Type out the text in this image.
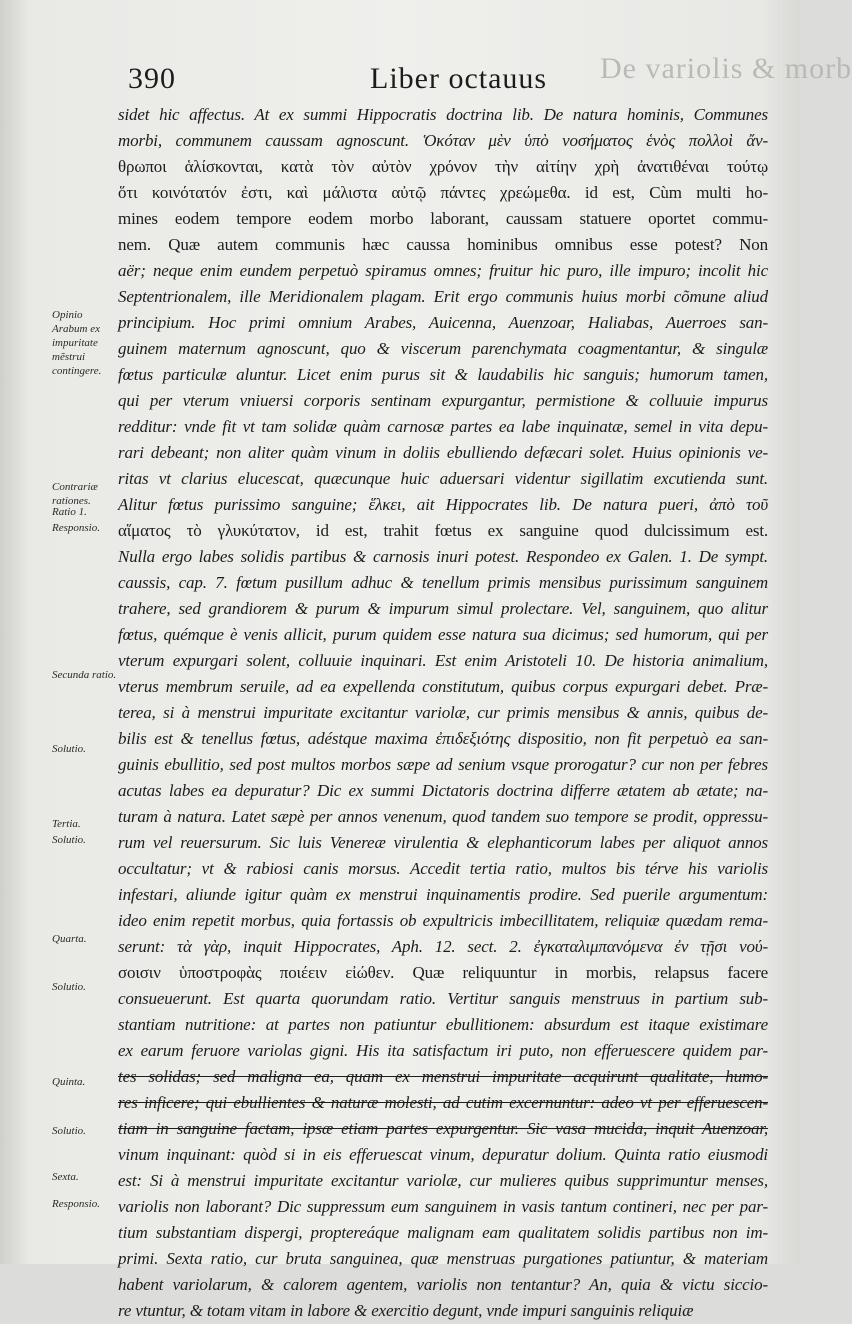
De variolis & morb
390	Liber octauus
sidet hic affectus. At ex summi Hippocratis doctrina lib. De natura hominis, Communes
morbi, communem caussam agnoscunt. Ὁκόταν μὲν ὑπὸ νοσήματος ἑνὸς πολλοὶ ἄν-
θρωποι ἁλίσκονται, κατὰ τὸν αὐτὸν χρόνον τὴν αἰτίην χρὴ ἀνατιθέναι τούτῳ
ὅτι κοινότατόν ἐστι, καὶ μάλιστα αὐτῷ πάντες χρεώμεθα. id est, Cùm multi ho-
mines eodem tempore eodem morbo laborant, caussam statuere oportet commu-
nem. Quæ autem communis hæc caussa hominibus omnibus esse potest? Non
aër; neque enim eundem perpetuò spiramus omnes; fruitur hic puro, ille impuro; incolit hic
Septentrionalem, ille Meridionalem plagam. Erit ergo communis huius morbi cõmune aliud
principium. Hoc primi omnium Arabes, Auicenna, Auenzoar, Haliabas, Auerroes san-
guinem maternum agnoscunt, quo & viscerum parenchymata coagmentantur, & singulæ
fœtus particulæ aluntur. Licet enim purus sit & laudabilis hic sanguis; humorum tamen,
qui per vterum vniuersi corporis sentinam expurgantur, permistione & colluuie impurus
redditur: vnde fit vt tam solidæ quàm carnosæ partes ea labe inquinatæ, semel in vita depu-
rari debeant; non aliter quàm vinum in doliis ebulliendo defæcari solet. Huius opinionis ve-
ritas vt clarius elucescat, quæcunque huic aduersari videntur sigillatim excutienda sunt.
Alitur fœtus purissimo sanguine; ἕλκει, ait Hippocrates lib. De natura pueri, ἀπὸ τοῦ
αἵματος τὸ γλυκύτατον, id est, trahit fœtus ex sanguine quod dulcissimum est.
Nulla ergo labes solidis partibus & carnosis inuri potest. Respondeo ex Galen. 1. De sympt.
caussis, cap. 7. fœtum pusillum adhuc & tenellum primis mensibus purissimum sanguinem
trahere, sed grandiorem & purum & impurum simul prolectare. Vel, sanguinem, quo alitur
fœtus, quémque è venis allicit, purum quidem esse natura sua dicimus; sed humorum, qui per
vterum expurgari solent, colluuie inquinari. Est enim Aristoteli 10. De historia animalium,
vterus membrum seruile, ad ea expellenda constitutum, quibus corpus expurgari debet. Præ-
terea, si à menstrui impuritate excitantur variolæ, cur primis mensibus & annis, quibus de-
bilis est & tenellus fœtus, adéstque maxima ἐπιδεξιότης dispositio, non fit perpetuò ea san-
guinis ebullitio, sed post multos morbos sæpe ad senium vsque prorogatur? cur non per febres
acutas labes ea depuratur? Dic ex summi Dictatoris doctrina differre ætatem ab ætate; na-
turam à natura. Latet sæpè per annos venenum, quod tandem suo tempore se prodit, oppressu-
rum vel reuersurum. Sic luis Venereæ virulentia & elephanticorum labes per aliquot annos
occultatur; vt & rabiosi canis morsus. Accedit tertia ratio, multos bis térve his variolis
infestari, aliunde igitur quàm ex menstrui inquinamentis prodire. Sed puerile argumentum:
ideo enim repetit morbus, quia fortassis ob expultricis imbecillitatem, reliquiæ quædam rema-
serunt: τὰ γὰρ, inquit Hippocrates, Aph. 12. sect. 2. ἐγκαταλιμπανόμενα ἐν τῇσι νού-
σοισιν ὑποστροφὰς ποιέειν εἰώθεν. Quæ reliquuntur in morbis, relapsus facere
consueuerunt. Est quarta quorundam ratio. Vertitur sanguis menstruus in partium sub-
stantiam nutritione: at partes non patiuntur ebullitionem: absurdum est itaque existimare
ex earum feruore variolas gigni. His ita satisfactum iri puto, non efferuescere quidem par-
tes solidas; sed maligna ea, quam ex menstrui impuritate acquirunt qualitate, humo-
res inficere; qui ebullientes & naturæ molesti, ad cutim excernuntur: adeo vt per efferuescen-
tiam in sanguine factam, ipsæ etiam partes expurgentur. Sic vasa mucida, inquit Auenzoar,
vinum inquinant: quòd si in eis efferuescat vinum, depuratur dolium. Quinta ratio eiusmodi
est: Si à menstrui impuritate excitantur variolæ, cur mulieres quibus supprimuntur menses,
variolis non laborant? Dic suppressum eum sanguinem in vasis tantum contineri, nec per par-
tium substantiam dispergi, proptereáque malignam eam qualitatem solidis partibus non im-
primi. Sexta ratio, cur bruta sanguinea, quæ menstruas purgationes patiuntur, & materiam
habent variolarum, & calorem agentem, variolis non tentantur? An, quia & victu siccio-
re vtuntur, & totam vitam in labore & exercitio degunt, vnde impuri sanguinis reliquiæ
Opinio Arabum ex impuritate mẽstrui contingere.
Contrariæ rationes.
Ratio 1.
Responsio.
Secunda ratio.
Solutio.
Tertia.
Solutio.
Quarta.
Solutio.
Quinta.
Solutio.
Sexta.
Responsio.
